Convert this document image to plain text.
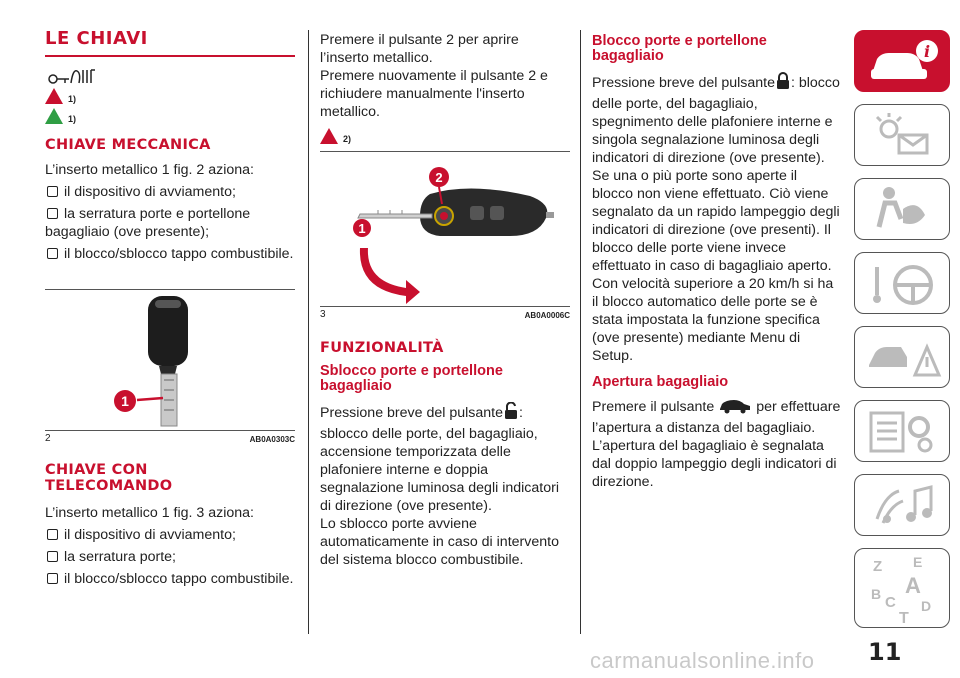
LE CHIAVI
1)
1)
CHIAVE MECCANICA

L’inserto metallico 1 fig. 2 aziona:

il dispositivo di avviamento;
la serratura porte e portellone bagagliaio (ove presente);
il blocco/sblocco tappo combustibile.
1
2	AB0A0303C
CHIAVE CON
TELECOMANDO

L’inserto metallico 1 fig. 3 aziona:

il dispositivo di avviamento;
la serratura porte;
il blocco/sblocco tappo combustibile.

Premere il pulsante 2 per aprire l’inserto metallico.

Premere nuovamente il pulsante 2 e richiudere manualmente l'inserto metallico.

2)
1
2
3	AB0A0006C
FUNZIONALITÀ
Sblocco porte e portellone bagagliaio

Pressione breve del pulsante : sblocco delle porte, del bagagliaio, accensione temporizzata delle plafoniere interne e doppia segnalazione luminosa degli indicatori di direzione (ove presente).

Lo sblocco porte avviene automaticamente in caso di intervento del sistema blocco combustibile.

Blocco porte e portellone bagagliaio

Pressione breve del pulsante : blocco delle porte, del bagagliaio, spegnimento delle plafoniere interne e singola segnalazione luminosa degli indicatori di direzione (ove presente).

Se una o più porte sono aperte il blocco non viene effettuato. Ciò viene segnalato da un rapido lampeggio degli indicatori di direzione (ove presenti). Il blocco delle porte viene invece effettuato in caso di bagagliaio aperto.

Con velocità superiore a 20 km/h si ha il blocco automatico delle porte se è stata impostata la funzione specifica (ove presente) mediante Menu di Setup.

Apertura bagagliaio

Premere il pulsante	per effettuare l’apertura a distanza del bagagliaio.

L’apertura del bagagliaio è segnalata dal doppio lampeggio degli indicatori di direzione.

i
Z E
B A
C
T
D
carmanualsonline.info 11
